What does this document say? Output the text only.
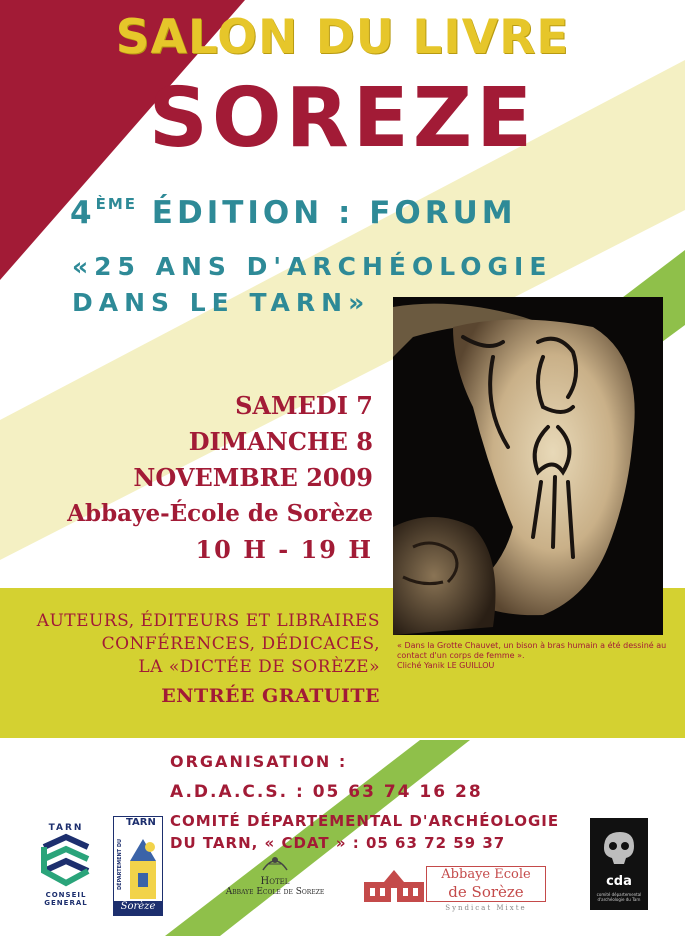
SALON DU LIVRE
SOREZE
4ÈME ÉDITION : FORUM
«25 ANS D'ARCHÉOLOGIE
DANS LE TARN»
SAMEDI 7
DIMANCHE 8
NOVEMBRE 2009
Abbaye-École de Sorèze
10 H - 19 H
AUTEURS, ÉDITEURS ET LIBRAIRES
CONFÉRENCES, DÉDICACES,
LA «DICTÉE DE SORÈZE»
ENTRÉE GRATUITE
« Dans la Grotte Chauvet, un bison à bras humain a été dessiné au contact d'un corps de femme ».
Cliché Yanik LE GUILLOU
ORGANISATION :
A.D.A.C.S. : 05 63 74 16 28
COMITÉ DÉPARTEMENTAL D'ARCHÉOLOGIE
DU TARN, « CDAT » : 05 63 72 59 37
TARN
CONSEIL
GENERAL
TARN
DÉPARTEMENT DU
Sorèze
Hotel
Abbaye Ecole de Soreze
Abbaye Ecole
de Sorèze
Syndicat Mixte
cda
comité départemental d'archéologie du Tarn
